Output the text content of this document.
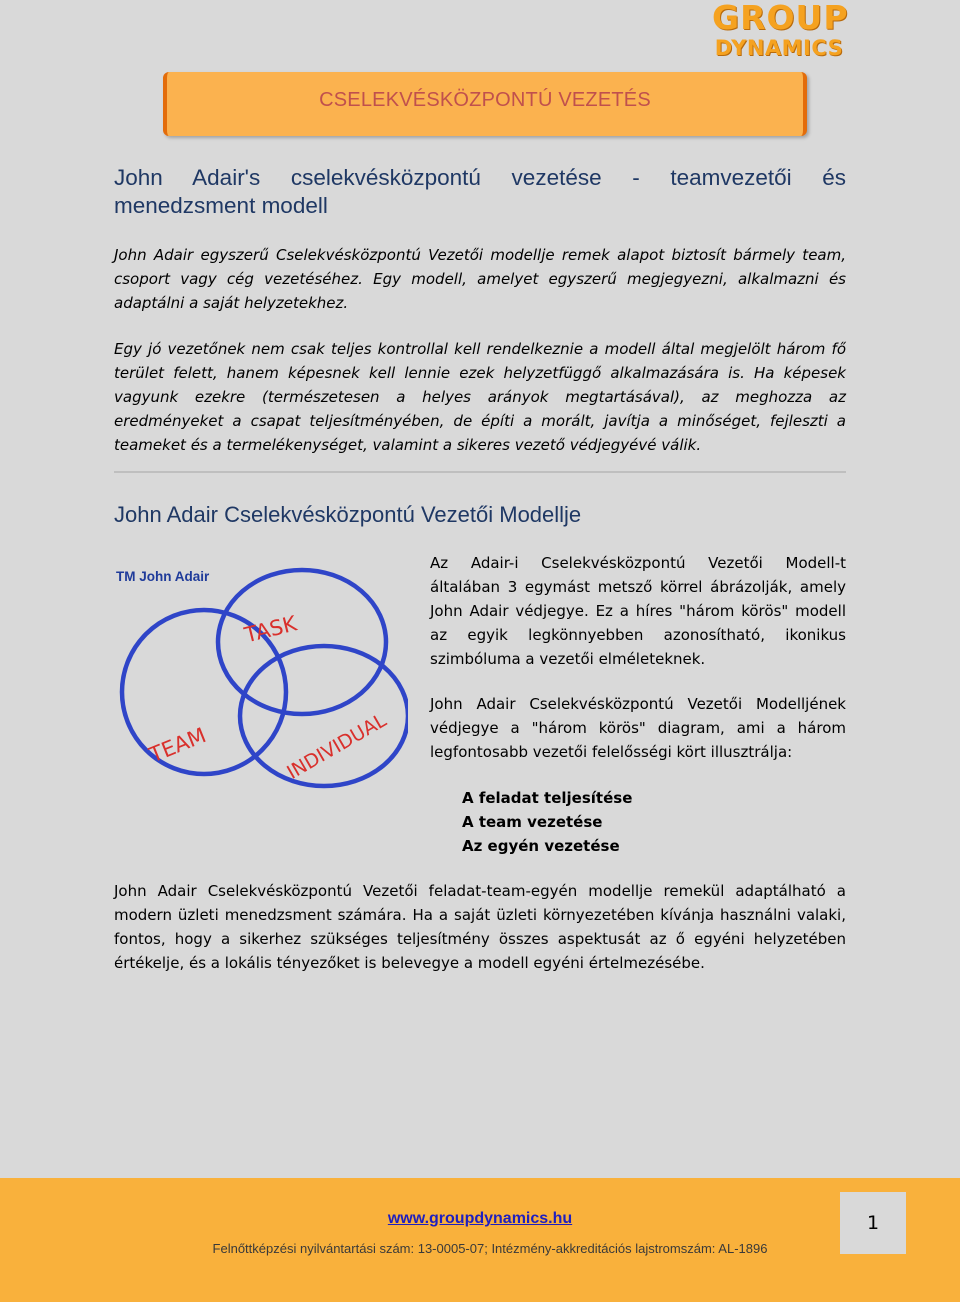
GROUP
DYNAMICS
CSELEKVÉSKÖZPONTÚ VEZETÉS
John Adair's cselekvésközpontú vezetése - teamvezetői és menedzsment modell
John Adair egyszerű Cselekvésközpontú Vezetői modellje remek alapot biztosít bármely team, csoport vagy cég vezetéséhez. Egy modell, amelyet egyszerű megjegyezni, alkalmazni és adaptálni a saját helyzetekhez.
Egy jó vezetőnek nem csak teljes kontrollal kell rendelkeznie a modell által megjelölt három fő terület felett, hanem képesnek kell lennie ezek helyzetfüggő alkalmazására is. Ha képesek vagyunk ezekre (természetesen a helyes arányok megtartásával), az meghozza az eredményeket a csapat teljesítményében, de építi a morált, javítja a minőséget, fejleszti a teameket és a termelékenységet, valamint a sikeres vezető védjegyévé válik.
John Adair Cselekvésközpontú Vezetői Modellje
TM John Adair
TASK
TEAM	INDIVIDUAL
Az Adair-i Cselekvésközpontú Vezetői Modell-t általában 3 egymást metsző körrel ábrázolják, amely John Adair védjegye. Ez a híres "három körös" modell az egyik legkönnyebben azonosítható, ikonikus szimbóluma a vezetői elméleteknek.
John Adair Cselekvésközpontú Vezetői Modelljének védjegye a "három körös" diagram, ami a három legfontosabb vezetői felelősségi kört illusztrálja:
A feladat teljesítése
A team vezetése
Az egyén vezetése
John Adair Cselekvésközpontú Vezetői feladat-team-egyén modellje remekül adaptálható a modern üzleti menedzsment számára. Ha a saját üzleti környezetében kívánja használni valaki, fontos, hogy a sikerhez szükséges teljesítmény összes aspektusát az ő egyéni helyzetében értékelje, és a lokális tényezőket is belevegye a modell egyéni értelmezésébe.
www.groupdynamics.hu
Felnőttképzési nyilvántartási szám: 13-0005-07; Intézmény-akkreditációs lajstromszám: AL-1896
1
